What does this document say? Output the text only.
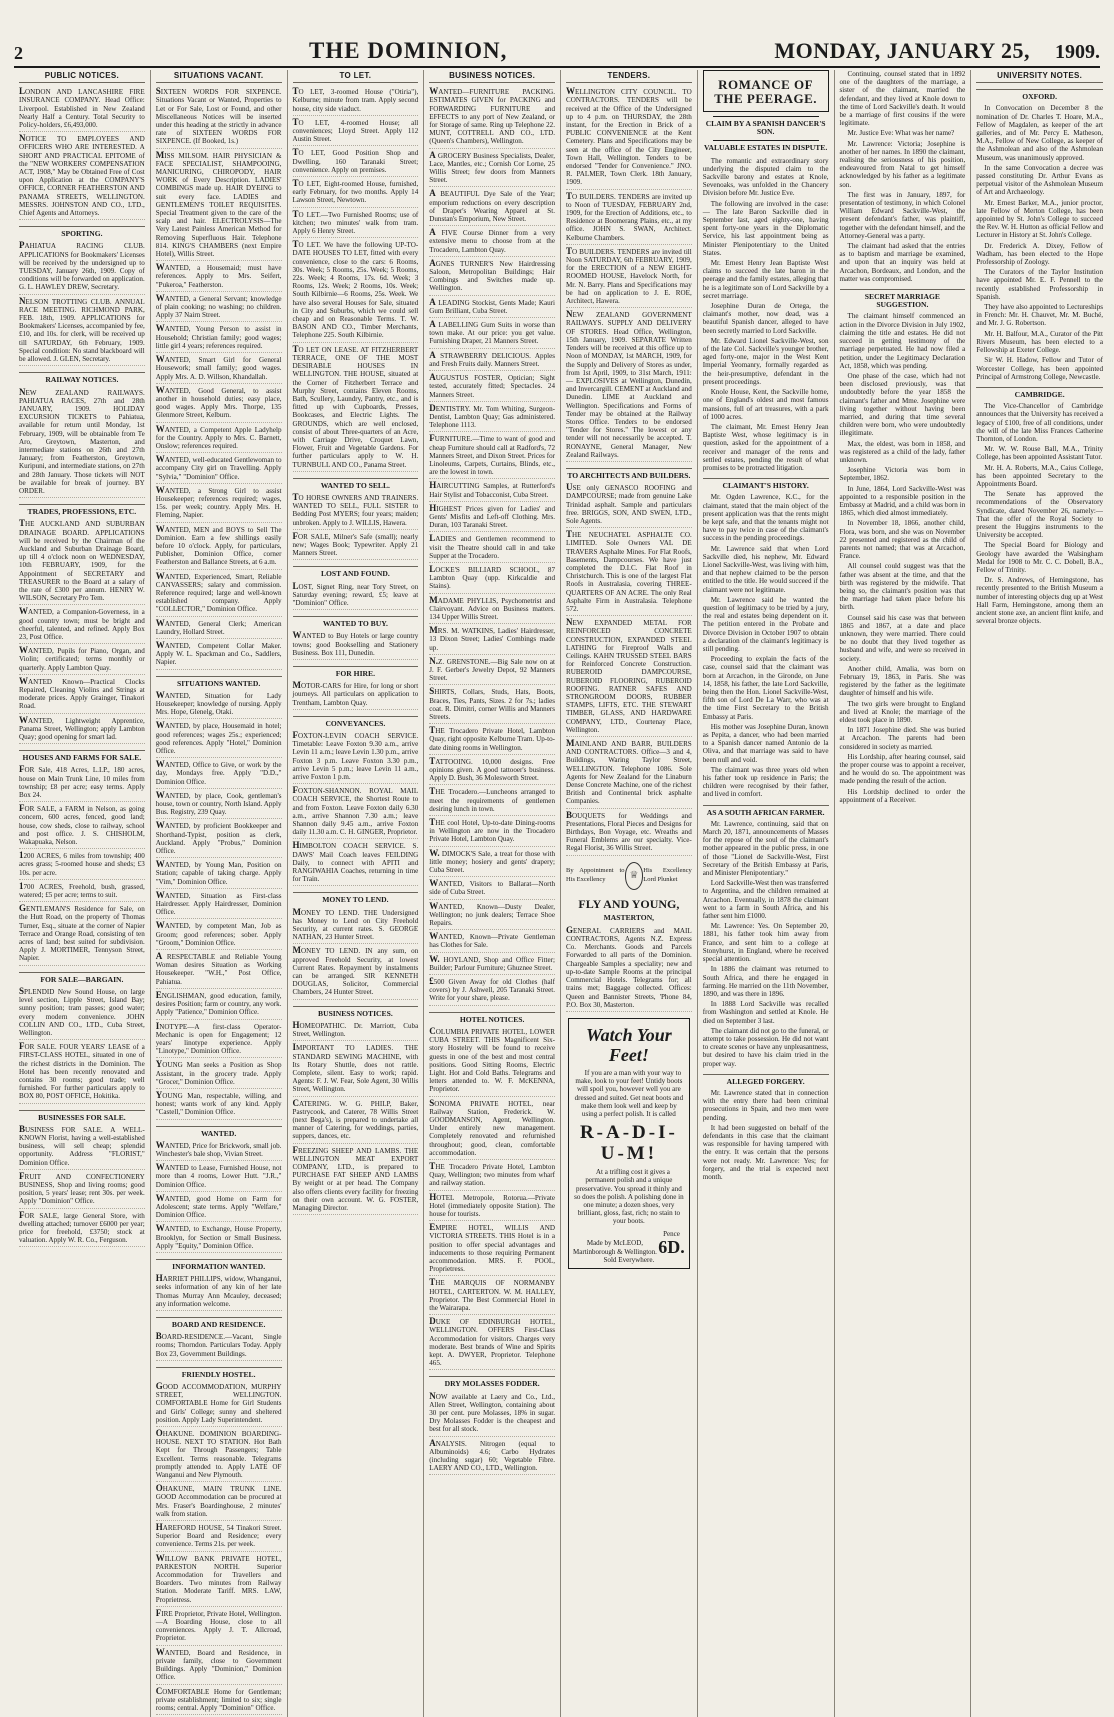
2	THE DOMINION,	MONDAY, JANUARY 25,	1909.
PUBLIC NOTICES.
LONDON AND LANCASHIRE FIRE INSURANCE COMPANY. Head Office: Liverpool. Established in New Zealand Nearly Half a Century. Total Security to Policy-holders, £6,493,000.
NOTICE TO EMPLOYEES AND OFFICERS WHO ARE INTERESTED. A SHORT AND PRACTICAL EPITOME of the "NEW WORKERS' COMPENSATION ACT, 1908," May be Obtained Free of Cost upon Application at the COMPANY'S OFFICE, CORNER FEATHERSTON AND PANAMA STREETS, WELLINGTON. MESSRS. JOHNSTON AND CO., LTD., Chief Agents and Attorneys.
SPORTING.
PAHIATUA RACING CLUB. APPLICATIONS for Bookmakers' Licenses will be received by the undersigned up to TUESDAY, January 26th, 1909. Copy of conditions will be forwarded on application. G. L. HAWLEY DREW, Secretary.
NELSON TROTTING CLUB. ANNUAL RACE MEETING. RICHMOND PARK, FEB. 18th, 1909. APPLICATIONS for Bookmakers' Licenses, accompanied by fee, £10, and 10s. for clerk, will be received up till SATURDAY, 6th February, 1909. Special condition: No stand blackboard will be allowed. J. GLEN, Secretary.
RAILWAY NOTICES.
NEW ZEALAND RAILWAYS. PAHIATUA RACES, 27th and 28th JANUARY, 1909. HOLIDAY EXCURSION TICKETS to Pahiatua, available for return until Monday, 1st February, 1909, will be obtainable from Te Aro, Greytown, Masterton, and intermediate stations on 26th and 27th January; from Featherston, Greytown, Kuripuni, and intermediate stations, on 27th and 28th January. Those tickets will NOT be available for break of journey. BY ORDER.
TRADES, PROFESSIONS, ETC.
THE AUCKLAND AND SUBURBAN DRAINAGE BOARD. APPLICATIONS will be received by the Chairman of the Auckland and Suburban Drainage Board, up till 4 o'clock noon on WEDNESDAY, 10th FEBRUARY, 1909, for the Appointment of SECRETARY and TREASURER to the Board at a salary of the rate of £300 per annum. HENRY W. WILSON, Secretary Pro Tem.
WANTED, a Companion-Governess, in a good country town; must be bright and cheerful, talented, and refined. Apply Box 23, Post Office.
WANTED, Pupils for Piano, Organ, and Violin; certificated; terms monthly or quarterly. Apply Lambton Quay.
WANTED Known—Practical Clocks Repaired, Cleaning Violins and Strings at moderate prices. Apply Grainger, Tinakori Road.
WANTED, Lightweight Apprentice, Panama Street, Wellington; apply Lambton Quay; good opening for smart lad.
HOUSES AND FARMS FOR SALE.
FOR Sale, 418 Acres, L.I.P., 180 acres, house on Main Trunk Line, 10 miles from township; £8 per acre; easy terms. Apply Box 24.
FOR SALE, a FARM in Nelson, as going concern, 600 acres, fenced, good land; house, cow sheds, close to railway, school and post office. J. S. CHISHOLM, Wakapuaka, Nelson.
1200 ACRES, 6 miles from township; 400 acres grass; 5-roomed house and sheds; £3 10s. per acre.
1700 ACRES, Freehold, bush, grassed, watered; £5 per acre; terms to suit.
GENTLEMAN'S Residence for Sale, on the Hutt Road, on the property of Thomas Turner, Esq., situate at the corner of Napier Terrace and Orange Road, consisting of ten acres of land; best suited for subdivision. Apply J. MORTIMER, Tennyson Street, Napier.
FOR SALE—BARGAIN.
SPLENDID New Sound House, on large level section, Lipple Street, Island Bay; sunny position; tram passes; good water; every modern convenience. JOHN COLLIN AND CO., LTD., Cuba Street, Wellington.
FOR SALE. FOUR YEARS' LEASE of a FIRST-CLASS HOTEL, situated in one of the richest districts in the Dominion. The Hotel has been recently renovated and contains 30 rooms; good trade; well furnished. For further particulars apply to BOX 80, POST OFFICE, Hokitika.
BUSINESSES FOR SALE.
BUSINESS FOR SALE. A WELL-KNOWN Florist, having a well-established business, will sell cheap; splendid opportunity. Address "FLORIST," Dominion Office.
FRUIT AND CONFECTIONERY BUSINESS, Shop and living rooms; good position, 5 years' lease; rent 30s. per week. Apply "Dominion" Office.
FOR SALE, large General Store, with dwelling attached; turnover £6000 per year; price for freehold, £3750; stock at valuation. Apply W. R. Co., Ferguson.
SITUATIONS VACANT.
SIXTEEN WORDS FOR SIXPENCE. Situations Vacant or Wanted, Properties to Let or For Sale, Lost or Found, and other Miscellaneous Notices will be inserted under this heading at the strictly in advance rate of SIXTEEN WORDS FOR SIXPENCE. (If Booked, 1s.)
MISS MILSOM. HAIR PHYSICIAN & FACE SPECIALIST, SHAMPOOING, MANICURING, CHIROPODY, HAIR WORK of Every Description. LADIES' COMBINGS made up. HAIR DYEING to suit every face. LADIES and GENTLEMEN'S TOILET REQUISITES. Special Treatment given to the care of the scalp and hair. ELECTROLYSIS—The Very Latest Painless American Method for Removing Superfluous Hair. Telephone 814. KING'S CHAMBERS (next Empire Hotel), Willis Street.
WANTED, a Housemaid; must have references. Apply to Mrs. Seifert, "Pukeroa," Featherston.
WANTED, a General Servant; knowledge of plain cooking; no washing; no children. Apply 37 Nairn Street.
WANTED, Young Person to assist in Household; Christian family; good wages; little girl 4 years; references required.
WANTED, Smart Girl for General Housework; small family; good wages. Apply Mrs. A. D. Willson, Khandallah.
WANTED, Good General, to assist another in household duties; easy place, good wages. Apply Mrs. Thorpe, 135 Glenmore Street, Kelburn.
WANTED, a Competent Apple Ladyhelp for the Country. Apply to Mrs. C. Barnett, Onslow; references required.
WANTED, well-educated Gentlewoman to accompany City girl on Travelling. Apply "Sylvia," "Dominion" Office.
WANTED, a Strong Girl to assist Housekeeper; references required; wages, 15s. per week; country. Apply Mrs. H. Fleming, Napier.
WANTED, MEN and BOYS to Sell The Dominion. Earn a few shillings easily before 10 o'clock. Apply, for particulars, Publisher, Dominion Office, corner Featherston and Ballance Streets, at 6 a.m.
WANTED, Experienced, Smart, Reliable CANVASSERS; salary and commission. Reference required; large and well-known established company. Apply "COLLECTOR," Dominion Office.
WANTED, General Clerk; American Laundry, Hollard Street.
WANTED, Competent Collar Maker. Apply W. L. Spackman and Co., Saddlers, Napier.
SITUATIONS WANTED.
WANTED, Situation for Lady Housekeeper; knowledge of nursing. Apply Mrs. Hope, Glenelg, Otaki.
WANTED, by place, Housemaid in hotel; good references; wages 25s.; experienced; good references. Apply "Hotel," Dominion Office.
WANTED, Office to Give, or work by the day, Mondays free. Apply "D.D.," Dominion Office.
WANTED, by place, Cook, gentleman's house, town or country, North Island. Apply Bus. Registry, 239 Quay.
WANTED, by proficient Bookkeeper and Shorthand-Typist, position as clerk, Auckland. Apply "Probus," Dominion Office.
WANTED, by Young Man, Position on Station; capable of taking charge. Apply "Vim," Dominion Office.
WANTED, Situation as First-class Hairdresser. Apply Hairdresser, Dominion Office.
WANTED, by competent Man, Job as Groom; good references; sober. Apply "Groom," Dominion Office.
A RESPECTABLE and Reliable Young Woman desires Situation as Working Housekeeper. "W.H.," Post Office, Pahiatua.
ENGLISHMAN, good education, family, desires Position; farm or country, any work. Apply "Patience," Dominion Office.
INOTYPE—A first-class Operator-Mechanic is open for Engagement; 12 years' linotype experience. Apply "Linotype," Dominion Office.
YOUNG Man seeks a Position as Shop Assistant, in the grocery trade. Apply "Grocer," Dominion Office.
YOUNG Man, respectable, willing, and honest; wants work of any kind. Apply "Castell," Dominion Office.
WANTED.
WANTED, Price for Brickwork, small job. Winchester's bale shop, Vivian Street.
WANTED to Lease, Furnished House, not more than 4 rooms, Lower Hutt. "J.R.," Dominion Office.
WANTED, good Home on Farm for Adolescent; state terms. Apply "Welfare," Dominion Office.
WANTED, to Exchange, House Property, Brooklyn, for Section or Small Business. Apply "Equity," Dominion Office.
INFORMATION WANTED.
HARRIET PHILLIPS, widow, Whanganui, seeks information of any kin of her late Thomas Murray Ann Mcauley, deceased; any information welcome.
BOARD AND RESIDENCE.
BOARD-RESIDENCE.—Vacant, Single rooms; Thorndon. Particulars Today. Apply Box 23, Government Buildings.
FRIENDLY HOSTEL.
GOOD ACCOMMODATION, MURPHY STREET, WELLINGTON. COMFORTABLE Home for Girl Students and Girls' College; sunny and sheltered position. Apply Lady Superintendent.
OHAKUNE. DOMINION BOARDING-HOUSE. NEXT TO STATION. Hot Bath Kept for Through Passengers; Table Excellent. Terms reasonable. Telegrams promptly attended to. Apply LATE OF Wanganui and New Plymouth.
OHAKUNE, MAIN TRUNK LINE. GOOD Accommodation can be procured at Mrs. Fraser's Boardinghouse, 2 minutes' walk from station.
HAREFORD HOUSE, 54 Tinakori Street. Superior Board and Residence; every convenience. Terms 21s. per week.
WILLOW BANK PRIVATE HOTEL, PARKESTON NORTH. Superior Accommodation for Travellers and Boarders. Two minutes from Railway Station. Moderate Tariff. MRS. LAW, Proprietress.
FIRE Proprietor, Private Hotel, Wellington.—A Boarding House, close to all conveniences. Apply J. T. Allcroad, Proprietor.
WANTED, Board and Residence, in private family, close to Government Buildings. Apply "Dominion," Dominion Office.
COMFORTABLE Home for Gentleman; private establishment; limited to six; single rooms; central. Apply "Dominion" Office.
TO LET.
TO LET, 3-roomed House ("Otiria"), Kelburne; minute from tram. Apply second house, city side viaduct.
TO LET, 4-roomed House; all conveniences; Lloyd Street. Apply 112 Austin Street.
TO LET, Good Position Shop and Dwelling, 160 Taranaki Street; convenience. Apply on premises.
TO LET, Eight-roomed House, furnished, early February, for two months. Apply 14 Lawson Street, Newtown.
TO LET.—Two Furnished Rooms; use of kitchen; two minutes' walk from tram. Apply 6 Henry Street.
TO LET. We have the following UP-TO-DATE HOUSES TO LET, fitted with every convenience, close to the cars: 6 Rooms, 30s. Week; 5 Rooms, 25s. Week; 5 Rooms, 22s. Week; 4 Rooms, 17s. 6d. Week; 3 Rooms, 12s. Week; 2 Rooms, 10s. Week; South Kilbirnie—6 Rooms, 25s. Week. We have also several Houses for Sale, situated in City and Suburbs, which we could sell cheap and on Reasonable Terms. T. W. BASON AND CO., Timber Merchants, Telephone 225. South Kilbirnie.
TO LET ON LEASE. AT FITZHERBERT TERRACE, ONE OF THE MOST DESIRABLE HOUSES IN WELLINGTON. THE HOUSE, situated at the Corner of Fitzherbert Terrace and Murphy Street, contains Eleven Rooms, Bath, Scullery, Laundry, Pantry, etc., and is fitted up with Cupboards, Presses, Bookcases, and Electric Lights. The GROUNDS, which are well enclosed, consist of about Three-quarters of an Acre, with Carriage Drive, Croquet Lawn, Flower, Fruit and Vegetable Gardens. For further particulars apply to W. H. TURNBULL AND CO., Panama Street.
WANTED TO SELL.
TO HORSE OWNERS AND TRAINERS. WANTED TO SELL, FULL SISTER to Bedding Post MYERS; four years; maiden; unbroken. Apply to J. WILLIS, Hawera.
FOR SALE, Milner's Safe (small); nearly new; Wages Book; Typewriter. Apply 21 Manners Street.
LOST AND FOUND.
LOST, Signet Ring, near Tory Street, on Saturday evening; reward, £5; leave at "Dominion" Office.
WANTED TO BUY.
WANTED to Buy Hotels or large country towns; good Bookselling and Stationery Business. Box 111, Dunedin.
FOR HIRE.
MOTOR-CARS for Hire, for long or short journeys. All particulars on application to Trentham, Lambton Quay.
CONVEYANCES.
FOXTON-LEVIN COACH SERVICE. Timetable: Leave Foxton 9.30 a.m., arrive Levin 11 a.m.; leave Levin 1.30 p.m., arrive Foxton 3 p.m. Leave Foxton 3.30 p.m., arrive Levin 5 p.m.; leave Levin 11 a.m., arrive Foxton 1 p.m.
FOXTON-SHANNON. ROYAL MAIL COACH SERVICE, the Shortest Route to and from Foxton. Leave Foxton daily 6.30 a.m., arrive Shannon 7.30 a.m.; leave Shannon daily 9.45 a.m., arrive Foxton daily 11.30 a.m. C. H. GINGER, Proprietor.
HIMBOLTON COACH SERVICE. S. DAWS' Mail Coach leaves FEILDING Daily, to connect with APITI and RANGIWAHIA Coaches, returning in time for Train.
MONEY TO LEND.
MONEY TO LEND. THE Undersigned has Money to Lend on City Freehold Security, at current rates. S. GEORGE NATHAN, 23 Hunter Street.
MONEY TO LEND. IN any sum, on approved Freehold Security, at lowest Current Rates. Repayment by instalments can be arranged. SIR KENNETH DOUGLAS, Solicitor, Commercial Chambers, 24 Hunter Street.
BUSINESS NOTICES.
HOMEOPATHIC. Dr. Marriott, Cuba Street, Wellington.
IMPORTANT TO LADIES. THE STANDARD SEWING MACHINE, with Its Rotary Shuttle, does not rattle. Complete, silent. Easy to work; rapid. Agents: F. J. W. Fear, Sole Agent, 30 Willis Street, Wellington.
CATERING. W. G. PHILP, Baker, Pastrycook, and Caterer, 78 Willis Street (next Bega's), is prepared to undertake all manner of Catering, for weddings, parties, suppers, dances, etc.
FREEZING SHEEP AND LAMBS. THE WELLINGTON MEAT EXPORT COMPANY, LTD., is prepared to PURCHASE FAT SHEEP AND LAMBS By weight or at per head. The Company also offers clients every facility for freezing on their own account. W. G. FOSTER, Managing Director.
BUSINESS NOTICES.
WANTED—FURNITURE PACKING. ESTIMATES GIVEN for PACKING and FORWARDING FURNITURE and EFFECTS to any port of New Zealand, or for Storage of same. Ring up Telephone 22. MUNT, COTTRELL AND CO., LTD. (Queen's Chambers), Wellington.
A GROCERY Business Specialists, Dealer, Lace, Mantles, etc.; Cornish Cor Lorne, 25 Willis Street; few doors from Manners Street.
A BEAUTIFUL Dye Sale of the Year; emporium reductions on every description of Draper's Wearing Apparel at St. Dunstan's Emporium, New Street.
A FIVE Course Dinner from a very extensive menu to choose from at the Trocadero, Lambton Quay.
AGNES TURNER'S New Hairdressing Saloon, Metropolitan Buildings; Hair Combings and Switches made up. Wellington.
A LEADING Stockist, Gents Made; Kauri Gum Brilliant, Cuba Street.
A LABELLING Gum Suits in worse than town make. At our price: you get value. Furnishing Draper, 21 Manners Street.
A STRAWBERRY DELICIOUS. Apples and Fresh Fruits daily. Manners Street.
AUGUSTUS FOSTER, Optician; Sight tested, accurately fitted; Spectacles. 24 Manners Street.
DENTISTRY. Mr. Tom Whiting, Surgeon-Dentist, Lambton Quay; Gas administered. Telephone 1113.
FURNITURE.—Time to want of good and cheap Furniture should call at Radford's, 72 Manners Street, and Dixon Street. Prices for Linoleums, Carpets, Curtains, Blinds, etc., are the lowest in town.
HAIRCUTTING Samples, at Rutterford's Hair Stylist and Tobacconist, Cuba Street.
HIGHEST Prices given for Ladies' and Gents' Misfits and Left-off Clothing. Mrs. Duran, 103 Taranaki Street.
LADIES and Gentlemen recommend to visit the Theatre should call in and take Supper at the Trocadero.
LOCKE'S BILLIARD SCHOOL, 87 Lambton Quay (upp. Kirkcaldie and Stains).
MADAME PHYLLIS, Psychometrist and Clairvoyant. Advice on Business matters. 134 Upper Willis Street.
MRS. M. WATKINS, Ladies' Hairdresser, 13 Dixon Street; Ladies' Combings made up.
N.Z. GRENSTONE.—Big Sale now on at J. F. Gerber's Jewelry Depot, 92 Manners Street.
SHIRTS, Collars, Studs, Hats, Boots, Braces, Ties, Pants, Sizes. 2 for 7s.; ladies coat. R. Dimitri, corner Willis and Manners Streets.
THE Trocadero Private Hotel, Lambton Quay, right opposite Kelburne Tram. Up-to-date dining rooms in Wellington.
TATTOOING. 10,000 designs. Free opinions given. A good tattooer's business. Apply D. Bush, 36 Molesworth Street.
THE Trocadero.—Luncheons arranged to meet the requirements of gentlemen desiring lunch in town.
THE cool Hotel, Up-to-date Dining-rooms in Wellington are now in the Trocadero Private Hotel, Lambton Quay.
W. DIMOCK'S Sale, a treat for those with little money; hosiery and gents' drapery; Cuba Street.
WANTED, Visitors to Ballarat—North side of Cuba Street.
WANTED, Known—Dusty Dealer, Wellington; no junk dealers; Terrace Shoe Repairs.
WANTED, Known—Private Gentleman has Clothes for Sale.
W. HOYLAND, Shop and Office Fitter; Builder; Parlour Furniture; Ghuznee Street.
£500 Given Away for old Clothes (half covers) by J. Ashwell, 205 Taranaki Street. Write for your share, please.
HOTEL NOTICES.
COLUMBIA PRIVATE HOTEL, LOWER CUBA STREET. THIS Magnificent Six-story Hostelry will be found to receive guests in one of the best and most central positions. Good Sitting Rooms, Electric Light. Hot and Cold Baths. Telegrams and letters attended to. W. F. McKENNA, Proprietor.
SONOMA PRIVATE HOTEL, near Railway Station, Frederick. W. GOODMANSON, Agent, Wellington. Under entirely new management. Completely renovated and refurnished throughout; good, clean, comfortable accommodation.
THE Trocadero Private Hotel, Lambton Quay, Wellington; two minutes from wharf and railway station.
HOTEL Metropole, Rotorua.—Private Hotel (immediately opposite Station). The house for tourists.
EMPIRE HOTEL, WILLIS AND VICTORIA STREETS. THIS Hotel is in a position to offer special advantages and inducements to those requiring Permanent accommodation. MRS. F. POOL, Proprietress.
THE MARQUIS OF NORMANBY HOTEL, CARTERTON. W. M. HALLEY, Proprietor. The Best Commercial Hotel in the Wairarapa.
DUKE OF EDINBURGH HOTEL, WELLINGTON. OFFERS First-Class Accommodation for visitors. Charges very moderate. Best brands of Wine and Spirits kept. A. DWYER, Proprietor. Telephone 465.
DRY MOLASSES FODDER.
NOW available at Laery and Co., Ltd., Allen Street, Wellington, containing about 30 per cent. pure Molasses, 18% in sugar. Dry Molasses Fodder is the cheapest and best for all stock.
ANALYSIS. Nitrogen (equal to Albuminoids) 4.6; Carbo Hydrates (including sugar) 60; Vegetable Fibre. LAERY AND CO., LTD., Wellington.
TENDERS.
WELLINGTON CITY COUNCIL. TO CONTRACTORS. TENDERS will be received at the Office of the Undersigned up to 4 p.m. on THURSDAY, the 28th instant, for the Erection in Brick of a PUBLIC CONVENIENCE at the Kent Cemetery. Plans and Specifications may be seen at the office of the City Engineer, Town Hall, Wellington. Tenders to be endorsed "Tender for Convenience." JNO. R. PALMER, Town Clerk. 18th January, 1909.
TO BUILDERS. TENDERS are invited up to Noon of TUESDAY, FEBRUARY 2nd, 1909, for the Erection of Additions, etc., to Residence at Boomerang Plains, etc., at my office. JOHN S. SWAN, Architect. Kelburne Chambers.
TO BUILDERS. TENDERS are invited till Noon SATURDAY, 6th FEBRUARY, 1909, for the ERECTION of a NEW EIGHT-ROOMED HOUSE, Havelock North, for Mr. N. Barry. Plans and Specifications may be had on application to J. E. ROE, Architect, Hawera.
NEW ZEALAND GOVERNMENT RAILWAYS. SUPPLY AND DELIVERY OF STORES. Head Office, Wellington, 15th January, 1909. SEPARATE Written Tenders will be received at this office up to Noon of MONDAY, 1st MARCH, 1909, for the Supply and Delivery of Stores as under, from 1st April, 1909, to 31st March, 1911:— EXPLOSIVES at Wellington, Dunedin, and Invercargill. CEMENT at Auckland and Dunedin. LIME at Auckland and Wellington. Specifications and Forms of Tender may be obtained at the Railway Stores Office. Tenders to be endorsed "Tender for Stores." The lowest or any tender will not necessarily be accepted. T. RONAYNE, General Manager, New Zealand Railways.
TO ARCHITECTS AND BUILDERS.
USE only GENASCO ROOFING and DAMPCOURSE; made from genuine Lake Trinidad asphalt. Sample and particulars free. BRIGGS, SON, AND SWEN, LTD., Sole Agents.
THE NEUCHATEL ASPHALTE CO. LIMITED. Sole Owners VAL DE TRAVERS Asphalte Mines. For Flat Roofs, Basements, Dampcourses. We have just completed the D.I.C. Flat Roof in Christchurch. This is one of the largest Flat Roofs in Australasia, covering THREE-QUARTERS OF AN ACRE. The only Real Asphalte Firm in Australasia. Telephone 572.
NEW EXPANDED METAL FOR REINFORCED CONCRETE CONSTRUCTION, EXPANDED STEEL LATHING for Fireproof Walls and Ceilings. KAHN TRUSSED STEEL BARS for Reinforced Concrete Construction. RUBEROID DAMPCOURSE, RUBEROID FLOORING, RUBEROID ROOFING. RATNER SAFES AND STRONGROOM DOORS, RUBBER STAMPS, LIFTS, ETC. THE STEWART TIMBER, GLASS, AND HARDWARE COMPANY, LTD., Courtenay Place, Wellington.
MAINLAND AND BARR, BUILDERS AND CONTRACTORS. Office—3 and 4, Buildings, Waring Taylor Street, WELLINGTON. Telephone 1086. Sole Agents for New Zealand for the Linaburn Dense Concrete Machine, one of the richest British and Continental brick asphalte Companies.
BOUQUETS for Weddings and Presentations, Floral Pieces and Designs for Birthdays, Bon Voyage, etc. Wreaths and Funeral Emblems are our specialty. Vice-Regal Florist, 36 Willis Street.
By Appointment to His Excellency	♕ His Excellency Lord Plunket
FLY AND YOUNG,
MASTERTON,
GENERAL CARRIERS and MAIL CONTRACTORS, Agents N.Z. Express Co. Merchants. Goods and Parcels Forwarded to all parts of the Dominion. Chargeable Samples a speciality; new and up-to-date Sample Rooms at the principal Commercial Hotels. Telegrams for; all trains met; Baggage collected. Offices: Queen and Bannister Streets, 'Phone 84, P.O. Box 30, Masterton.
Watch Your Feet!
If you are a man with your way to make, look to your feet! Untidy boots will spoil you, however well you are dressed and suited. Get neat boots and make them look well and keep by using a perfect polish. It is called
R-A-D-I-U-M!
At a trifling cost it gives a permanent polish and a unique preservative. You spread it thinly and so does the polish. A polishing done in one minute; a dozen shoes, very brilliant, gloss, fast, rich; no stain to your boots.
Made by McLEOD,
Martinborough & Wellington.
Pence
6D.
Sold Everywhere.
ROMANCE OF THE PEERAGE.
CLAIM BY A SPANISH DANCER'S SON.
VALUABLE ESTATES IN DISPUTE.

The romantic and extraordinary story underlying the disputed claim to the Sackville barony and estates at Knole, Sevenoaks, was unfolded in the Chancery Division before Mr. Justice Eve.

The following are involved in the case:— The late Baron Sackville died in September last, aged eighty-one, having spent forty-one years in the Diplomatic Service, his last appointment being as Minister Plenipotentiary to the United States.

Mr. Ernest Henry Jean Baptiste West claims to succeed the late baron in the peerage and the family estates, alleging that he is a legitimate son of Lord Sackville by a secret marriage.

Josephine Duran de Ortega, the claimant's mother, now dead, was a beautiful Spanish dancer, alleged to have been secretly married to Lord Sackville.

Mr. Edward Lionel Sackville-West, son of the late Col. Sackville's younger brother, aged forty-one, major in the West Kent Imperial Yeomanry, formally regarded as the heir-presumptive, defendant in the present proceedings.

Knole House, Kent, the Sackville home, one of England's oldest and most famous mansions, full of art treasures, with a park of 1000 acres.

The claimant, Mr. Ernest Henry Jean Baptiste West, whose legitimacy is in question, asked for the appointment of a receiver and manager of the rents and settled estates, pending the result of what promises to be protracted litigation.

CLAIMANT'S HISTORY.

Mr. Ogden Lawrence, K.C., for the claimant, stated that the main object of the present application was that the rents might be kept safe, and that the tenants might not have to pay twice in case of the claimant's success in the pending proceedings.

Mr. Lawrence said that when Lord Sackville died, his nephew, Mr. Edward Lionel Sackville-West, was living with him, and that nephew claimed to be the person entitled to the title. He would succeed if the claimant were not legitimate.

Mr. Lawrence said he wanted the question of legitimacy to be tried by a jury, the real and estates being dependent on it. The petition entered in the Probate and Divorce Division in October 1907 to obtain a declaration of the claimant's legitimacy is still pending.

Proceeding to explain the facts of the case, counsel said that the claimant was born at Arcachon, in the Gironde, on June 14, 1858, his father, the late Lord Sackville, being then the Hon. Lionel Sackville-West, fifth son of Lord De La Warr, who was at the time First Secretary to the British Embassy at Paris.

His mother was Josephine Duran, known as Pepita, a dancer, who had been married to a Spanish dancer named Antonio de la Oliva, and that marriage was said to have been null and void.

The claimant was three years old when his father took up residence in Paris; the children were recognised by their father, and lived in comfort.

AS A SOUTH AFRICAN FARMER.

Mr. Lawrence, continuing, said that on March 20, 1871, announcements of Masses for the repose of the soul of the claimant's mother appeared in the public press, in one of those "Lionel de Sackville-West, First Secretary of the British Embassy at Paris, and Minister Plenipotentiary."

Lord Sackville-West then was transferred to Argentina, and the children remained at Arcachon. Eventually, in 1878 the claimant went to a farm in South Africa, and his father sent him £1000.

Mr. Lawrence: Yes. On September 20, 1881, his father took him away from France, and sent him to a college at Stonyhurst, in England, where he received special attention.

In 1886 the claimant was returned to South Africa, and there he engaged in farming. He married on the 11th November, 1890, and was there in 1896.

In 1888 Lord Sackville was recalled from Washington and settled at Knole. He died on September 3 last.

The claimant did not go to the funeral, or attempt to take possession. He did not want to create scenes or have any unpleasantness, but desired to have his claim tried in the proper way.

ALLEGED FORGERY.

Mr. Lawrence stated that in connection with the entry there had been criminal prosecutions in Spain, and two men were pending.

It had been suggested on behalf of the defendants in this case that the claimant was responsible for having tampered with the entry. It was certain that the persons were not ready. Mr. Lawrence: Yes; for forgery, and the trial is expected next month.

Continuing, counsel stated that in 1892 one of the daughters of the marriage, a sister of the claimant, married the defendant, and they lived at Knole down to the time of Lord Sackville's death. It would be a marriage of first cousins if the were legitimate.

Mr. Justice Eve: What was her name?

Mr. Lawrence: Victoria; Josephine is another of her names. In 1890 the claimant, realising the seriousness of his position, endeavoured from Natal to get himself acknowledged by his father as a legitimate son.

The first was in January, 1897, for presentation of testimony, in which Colonel William Edward Sackville-West, the present defendant's father, was plaintiff, together with the defendant himself, and the Attorney-General was a party.

The claimant had asked that the entries as to baptism and marriage be examined, and upon that an inquiry was held at Arcachon, Bordeaux, and London, and the matter was compromised.

SECRET MARRIAGE SUGGESTION.

The claimant himself commenced an action in the Divorce Division in July 1902, claiming the title and estates. He did not succeed in getting testimony of the marriage perpetuated. He had now filed a petition, under the Legitimacy Declaration Act, 1858, which was pending.

One phase of the case, which had not been disclosed previously, was that undoubtedly before the year 1858 the claimant's father and Mme. Josephine were living together without having been married, and during that time several children were born, who were undoubtedly illegitimate.

Max, the eldest, was born in 1858, and was registered as a child of the lady, father unknown.

Josephine Victoria was born in September, 1862.

In June, 1864, Lord Sackville-West was appointed to a responsible position in the Embassy at Madrid, and a child was born in 1865, which died almost immediately.

In November 18, 1866, another child, Flora, was born, and she was on November 22 presented and registered as the child of parents not named; that was at Arcachon, France.

All counsel could suggest was that the father was absent at the time, and that the birth was registered by the midwife. That being so, the claimant's position was that the marriage had taken place before his birth.

Counsel said his case was that between 1865 and 1867, at a date and place unknown, they were married. There could be no doubt that they lived together as husband and wife, and were so received in society.

Another child, Amalia, was born on February 19, 1863, in Paris. She was registered by the father as the legitimate daughter of himself and his wife.

The two girls were brought to England and lived at Knole; the marriage of the eldest took place in 1890.

In 1871 Josephine died. She was buried at Arcachon. The parents had been considered in society as married.

His Lordship, after hearing counsel, said the proper course was to appoint a receiver, and he would do so. The appointment was made pending the result of the action.

His Lordship declined to order the appointment of a Receiver.

UNIVERSITY NOTES.
OXFORD.

In Convocation on December 8 the nomination of Dr. Charles T. Hoare, M.A., Fellow of Magdalen, as keeper of the art galleries, and of Mr. Percy E. Matheson, M.A., Fellow of New College, as keeper of the Ashmolean and also of the Ashmolean Museum, was unanimously approved.

In the same Convocation a decree was passed constituting Dr. Arthur Evans as perpetual visitor of the Ashmolean Museum of Art and Archaeology.

Mr. Ernest Barker, M.A., junior proctor, late Fellow of Merton College, has been appointed by St. John's College to succeed the Rev. W. H. Hutton as official Fellow and Lecturer in History at St. John's College.

Dr. Frederick A. Dixey, Fellow of Wadham, has been elected to the Hope Professorship of Zoology.

The Curators of the Taylor Institution have appointed Mr. E. F. Pennell to the recently established Professorship in Spanish.

They have also appointed to Lectureships in French: Mr. H. Chauvet, Mr. M. Buché, and Mr. J. G. Robertson.

Mr. H. Balfour, M.A., Curator of the Pitt Rivers Museum, has been elected to a Fellowship at Exeter College.

Sir W. H. Hadow, Fellow and Tutor of Worcester College, has been appointed Principal of Armstrong College, Newcastle.

CAMBRIDGE.

The Vice-Chancellor of Cambridge announces that the University has received a legacy of £100, free of all conditions, under the will of the late Miss Frances Catherine Thornton, of London.

Mr. W. W. Rouse Ball, M.A., Trinity College, has been appointed Assistant Tutor.

Mr. H. A. Roberts, M.A., Caius College, has been appointed Secretary to the Appointments Board.

The Senate has approved the recommendations of the Observatory Syndicate, dated November 26, namely:—That the offer of the Royal Society to present the Huggins instruments to the University be accepted.

The Special Board for Biology and Geology have awarded the Walsingham Medal for 1908 to Mr. C. C. Dobell, B.A., Fellow of Trinity.

Dr. S. Andrews, of Hemingstone, has recently presented to the British Museum a number of interesting objects dug up at West Hall Farm, Hemingstone, among them an ancient stone axe, an ancient flint knife, and several bronze objects.
